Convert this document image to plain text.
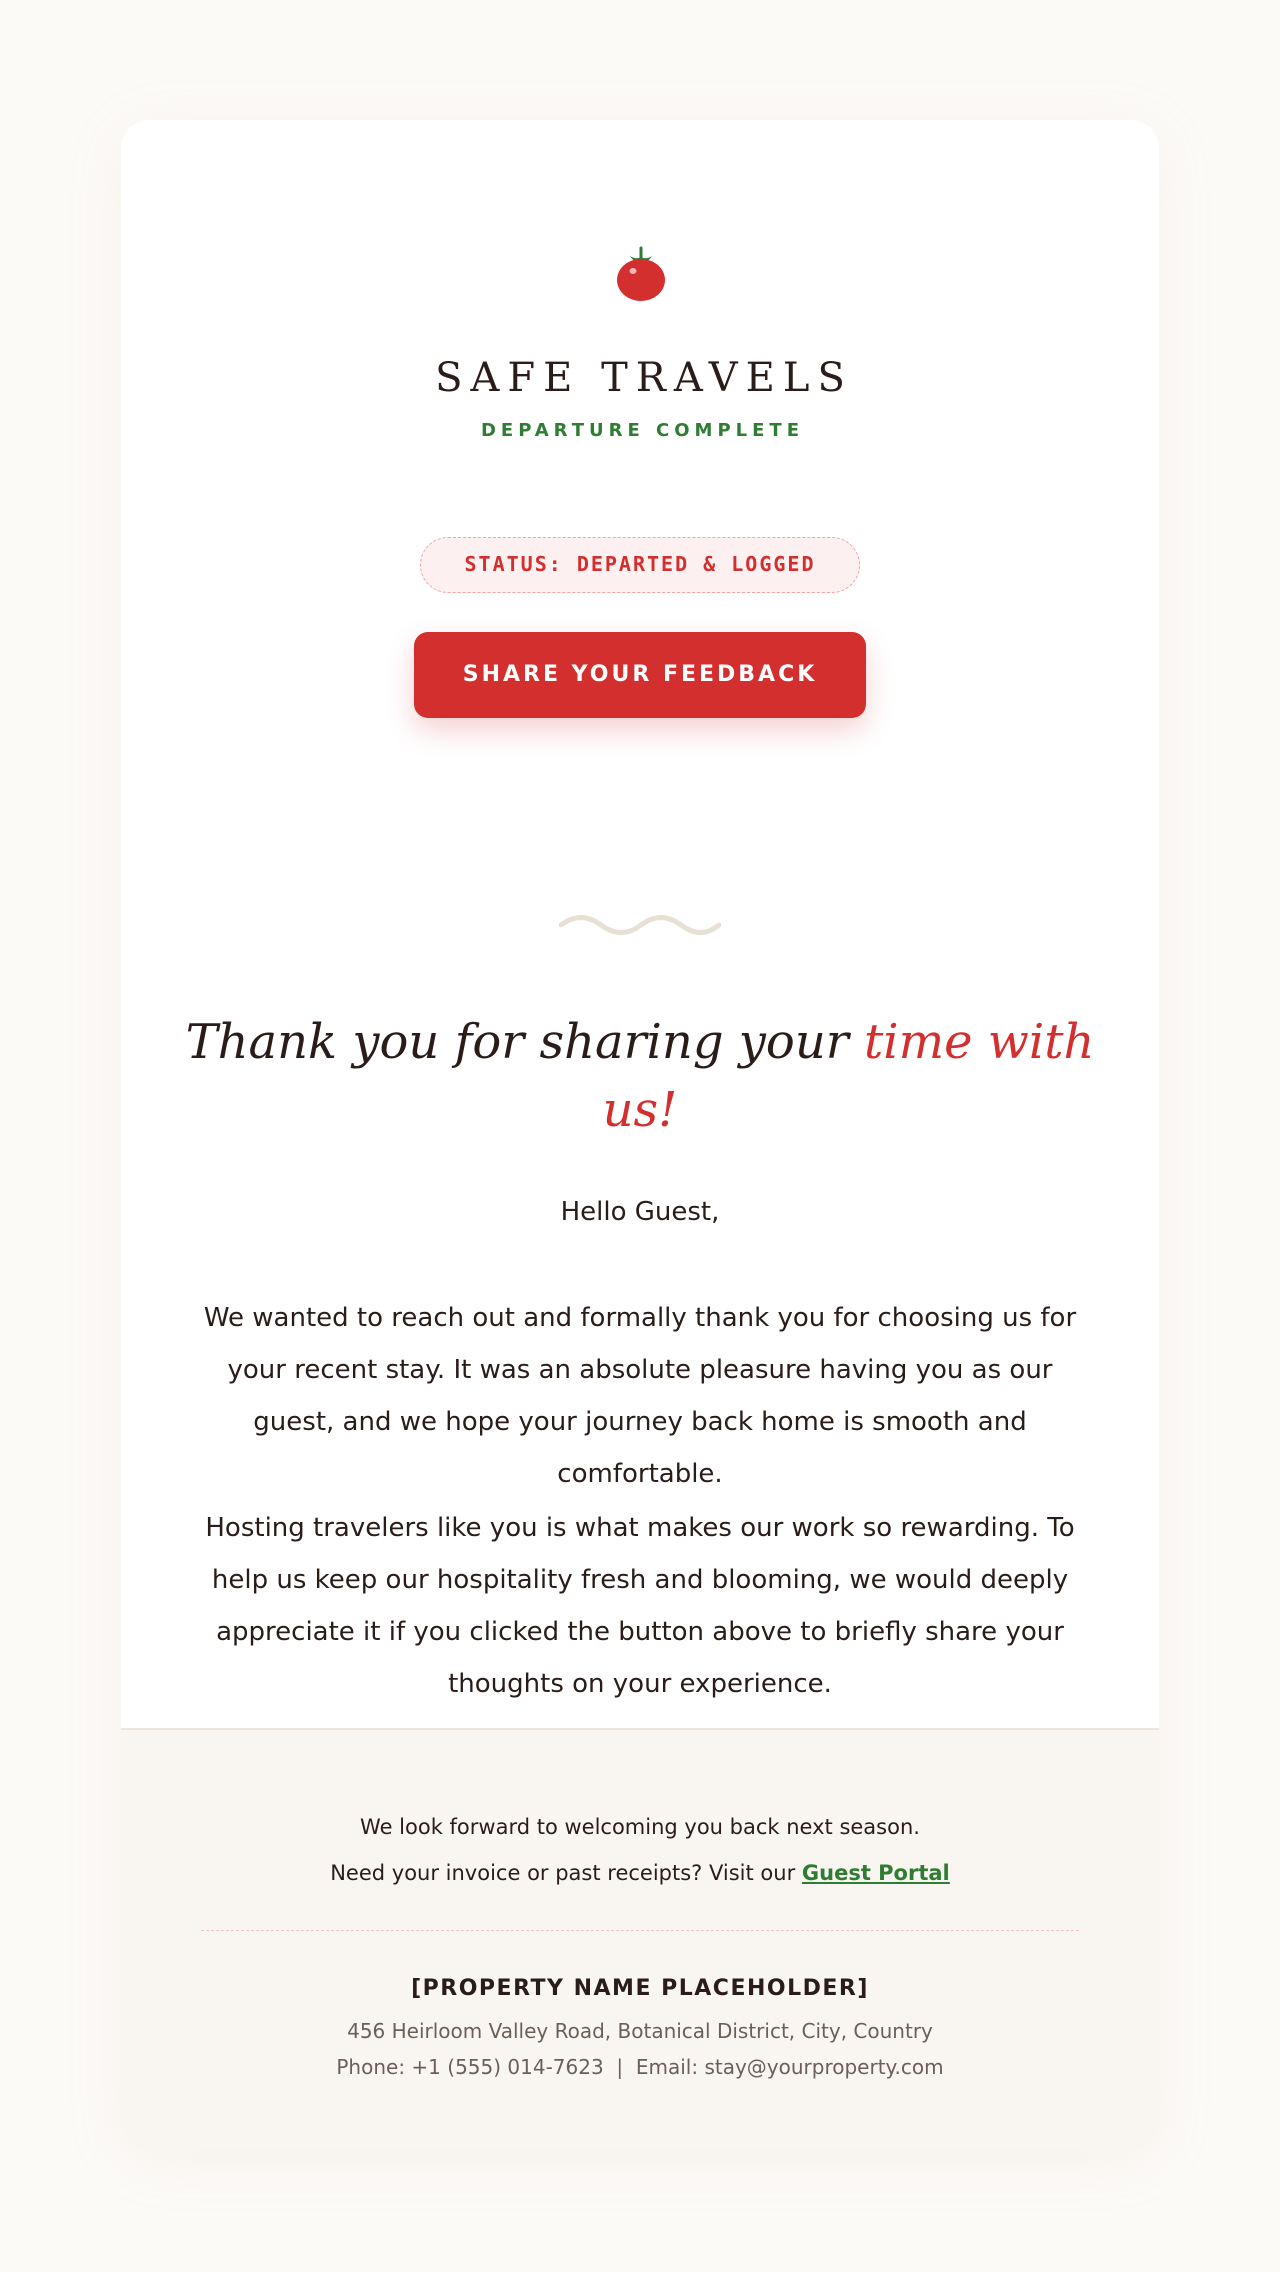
SAFE TRAVELS
DEPARTURE COMPLETE
STATUS: DEPARTED & LOGGED
SHARE YOUR FEEDBACK
Thank you for sharing your time with us!
Hello Guest,

We wanted to reach out and formally thank you for choosing us for your recent stay. It was an absolute pleasure having you as our guest, and we hope your journey back home is smooth and comfortable.

Hosting travelers like you is what makes our work so rewarding. To help us keep our hospitality fresh and blooming, we would deeply appreciate it if you clicked the button above to briefly share your thoughts on your experience.

We look forward to welcoming you back next season.
Need your invoice or past receipts? Visit our Guest Portal
[PROPERTY NAME PLACEHOLDER]
456 Heirloom Valley Road, Botanical District, City, Country
Phone: +1 (555) 014-7623  |  Email: stay@yourproperty.com
